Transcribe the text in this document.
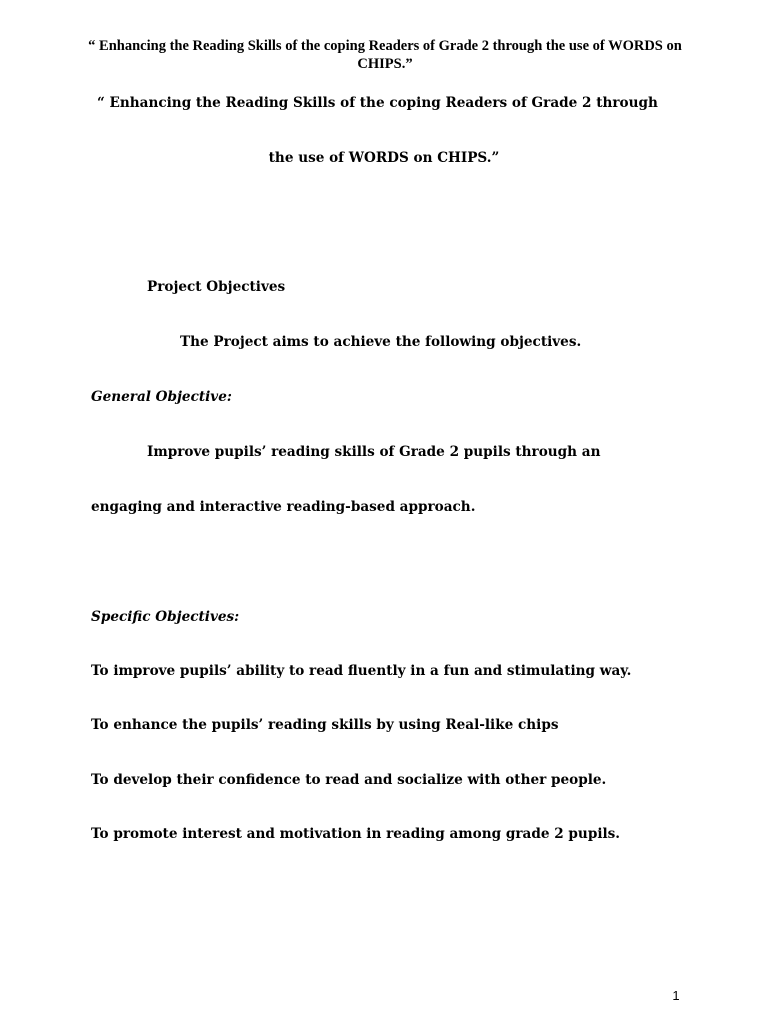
“ Enhancing the Reading Skills of the coping Readers of Grade 2 through the use of WORDS on CHIPS.”
“ Enhancing the Reading Skills of the coping Readers of Grade 2 through
the use of WORDS on CHIPS.”
Project Objectives
The Project aims to achieve the following objectives.
General Objective:
Improve pupils’ reading skills of Grade 2 pupils through an
engaging and interactive reading-based approach.
Specific Objectives:
To improve pupils’ ability to read fluently in a fun and stimulating way.
To enhance the pupils’ reading skills by using Real-like chips
To develop their confidence to read and socialize with other people.
To promote interest and motivation in reading among grade 2 pupils.
1
